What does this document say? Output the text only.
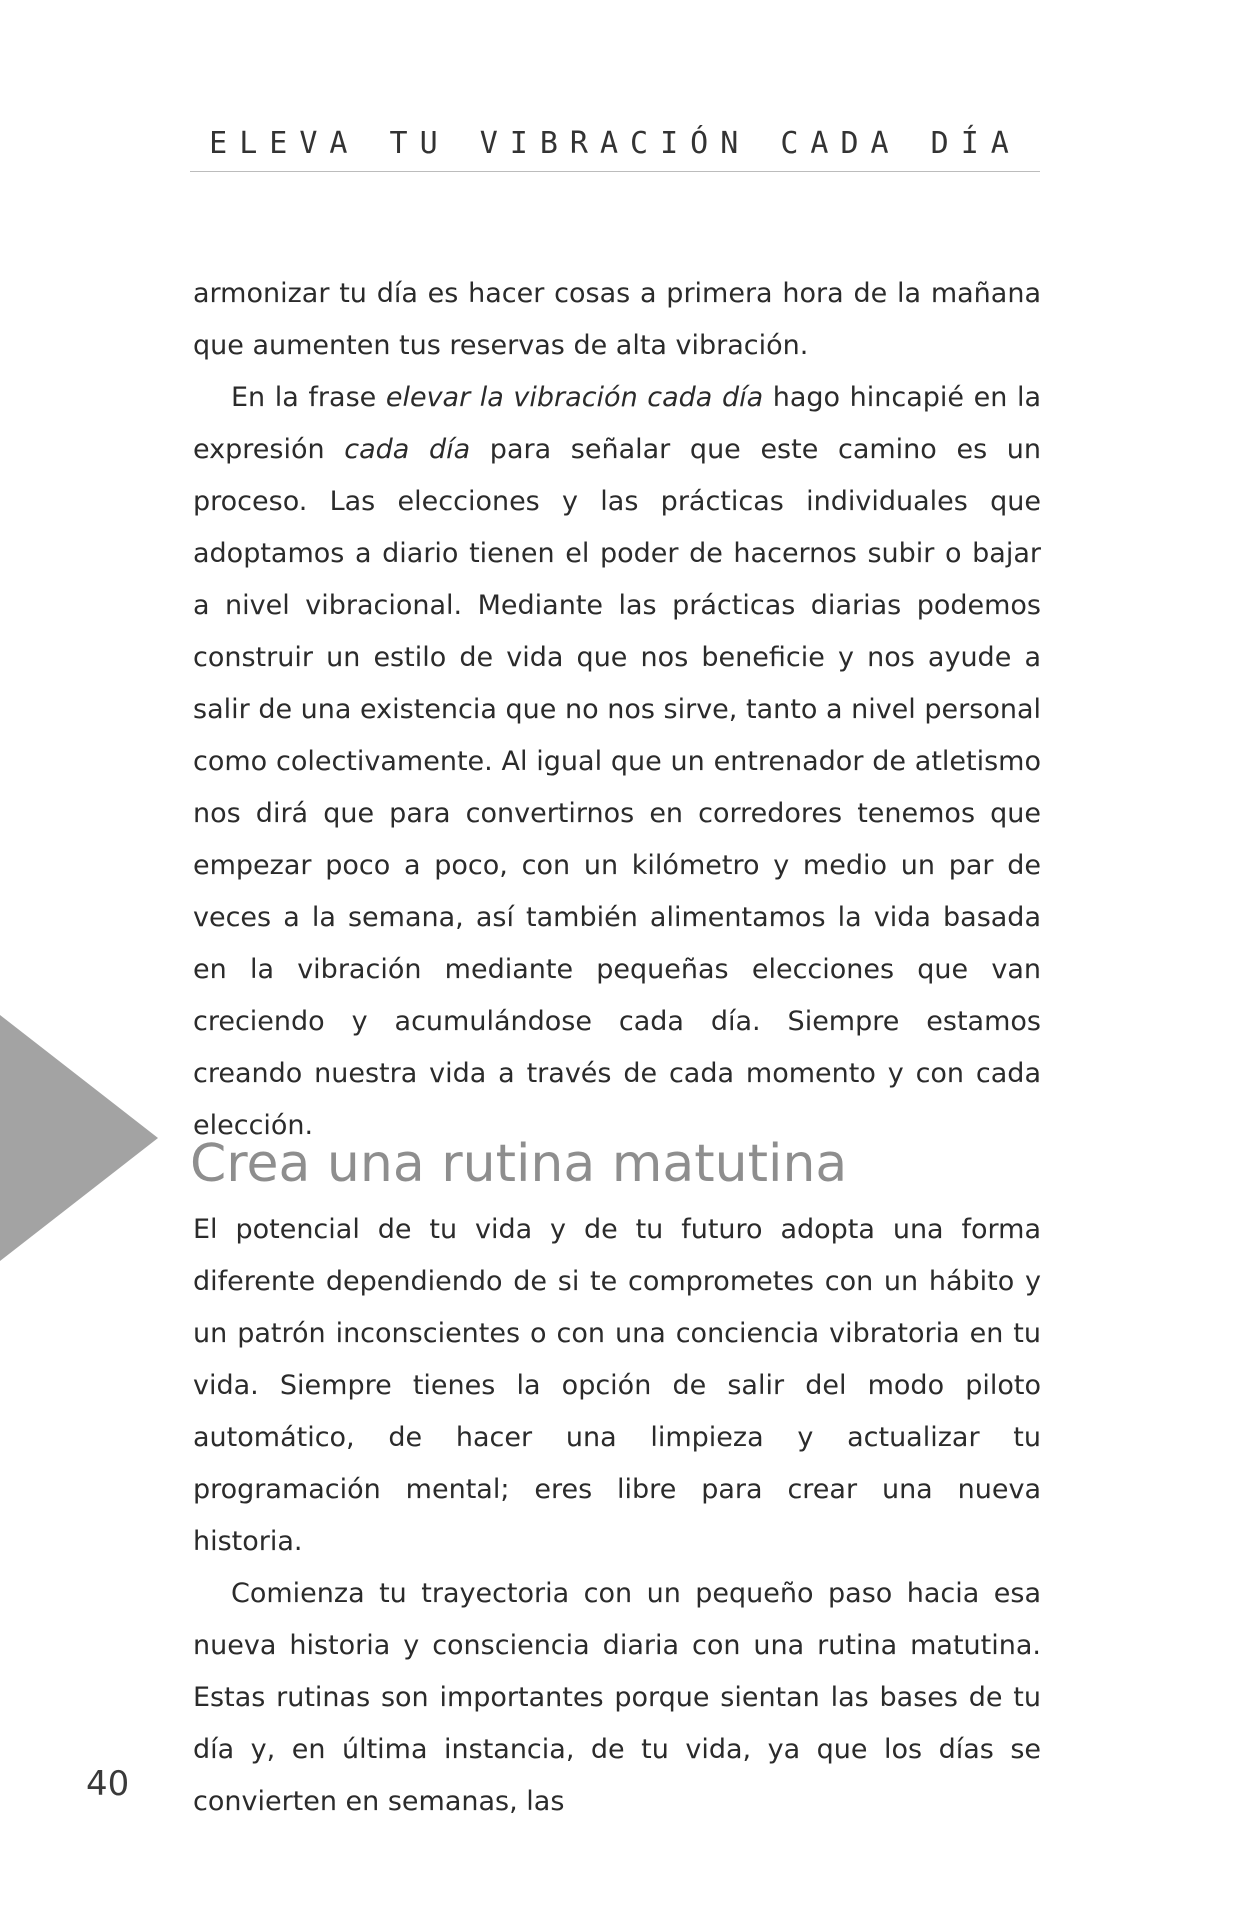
ELEVA TU VIBRACIÓN CADA DÍA

armonizar tu día es hacer cosas a primera hora de la mañana que aumenten tus reservas de alta vibración.

En la frase elevar la vibración cada día hago hincapié en la expresión cada día para señalar que este camino es un proceso. Las elecciones y las prácticas individuales que adoptamos a diario tienen el poder de hacernos subir o bajar a nivel vibracional. Mediante las prácticas diarias podemos construir un estilo de vida que nos beneficie y nos ayude a salir de una existencia que no nos sirve, tanto a nivel personal como colectivamente. Al igual que un entrenador de atletismo nos dirá que para convertirnos en corredores tenemos que empezar poco a poco, con un kilómetro y medio un par de veces a la semana, así también alimentamos la vida basada en la vibración mediante pequeñas elecciones que van creciendo y acumulándose cada día. Siempre estamos creando nuestra vida a través de cada momento y con cada elección.

Crea una rutina matutina

El potencial de tu vida y de tu futuro adopta una forma diferente dependiendo de si te comprometes con un hábito y un patrón inconscientes o con una conciencia vibratoria en tu vida. Siempre tienes la opción de salir del modo piloto automático, de hacer una limpieza y actualizar tu programación mental; eres libre para crear una nueva historia.

Comienza tu trayectoria con un pequeño paso hacia esa nueva historia y consciencia diaria con una rutina matutina. Estas rutinas son importantes porque sientan las bases de tu día y, en última instancia, de tu vida, ya que los días se convierten en semanas, las

40
